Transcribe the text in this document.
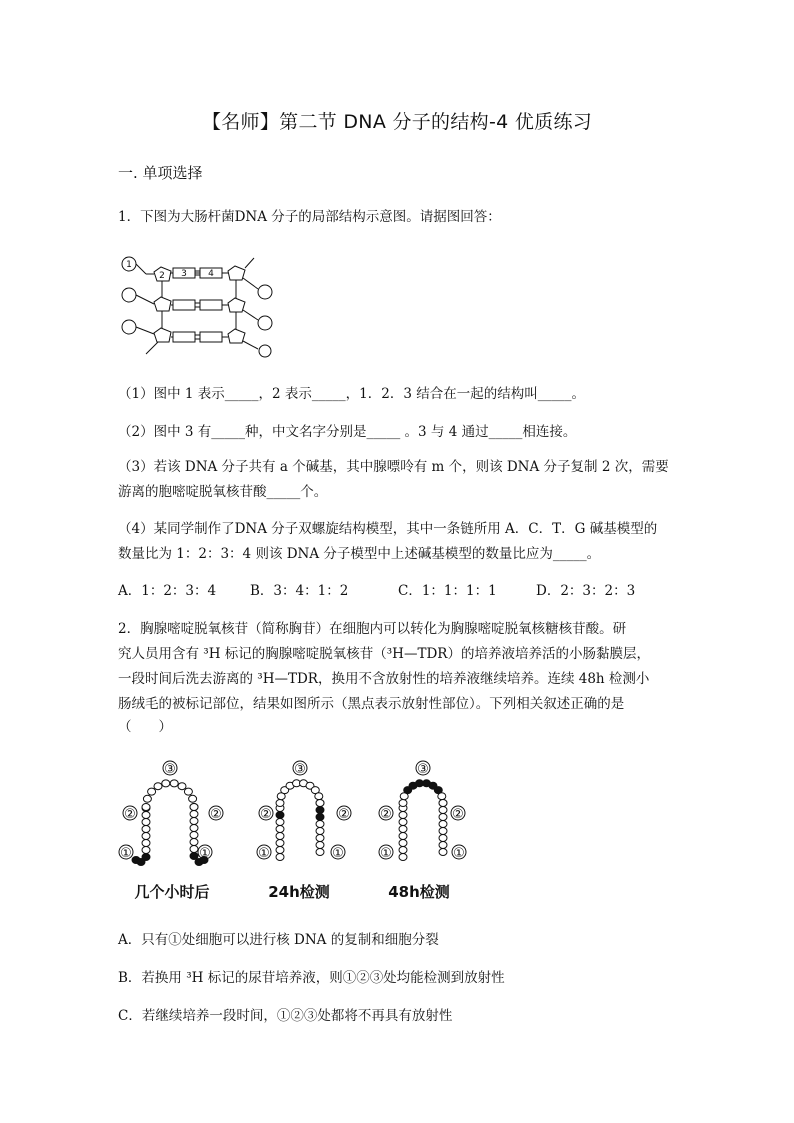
【名师】第二节 DNA 分子的结构-4 优质练习
一. 单项选择
1．下图为大肠杆菌DNA 分子的局部结构示意图。请据图回答：
1
2 3 4
（1）图中 1 表示_____，2 表示_____，1．2．3 结合在一起的结构叫_____。
（2）图中 3 有_____种，中文名字分别是_____ 。3 与 4 通过_____相连接。
（3）若该 DNA 分子共有 a 个碱基，其中腺嘌呤有 m 个，则该 DNA 分子复制 2 次，需要
游离的胞嘧啶脱氧核苷酸_____个。
（4）某同学制作了DNA 分子双螺旋结构模型，其中一条链所用 A．C．T．G 碱基模型的
数量比为 1：2：3：4 则该 DNA 分子模型中上述碱基模型的数量比应为_____。
A．1：2：3：4	B．3：4：1：2	C．1：1：1：1	D．2：3：2：3
2．胸腺嘧啶脱氧核苷（简称胸苷）在细胞内可以转化为胸腺嘧啶脱氧核糖核苷酸。研
究人员用含有 ³H 标记的胸腺嘧啶脱氧核苷（³H—TDR）的培养液培养活的小肠黏膜层，
一段时间后洗去游离的 ³H—TDR，换用不含放射性的培养液继续培养。连续 48h 检测小
肠绒毛的被标记部位，结果如图所示（黑点表示放射性部位）。下列相关叙述正确的是
（　　）
③
②	②
①	①
③
②	②
①	①
③
②	②
①	①
几个小时后	24h检测	48h检测
A．只有①处细胞可以进行核 DNA 的复制和细胞分裂
B．若换用 ³H 标记的尿苷培养液，则①②③处均能检测到放射性
C．若继续培养一段时间，①②③处都将不再具有放射性
